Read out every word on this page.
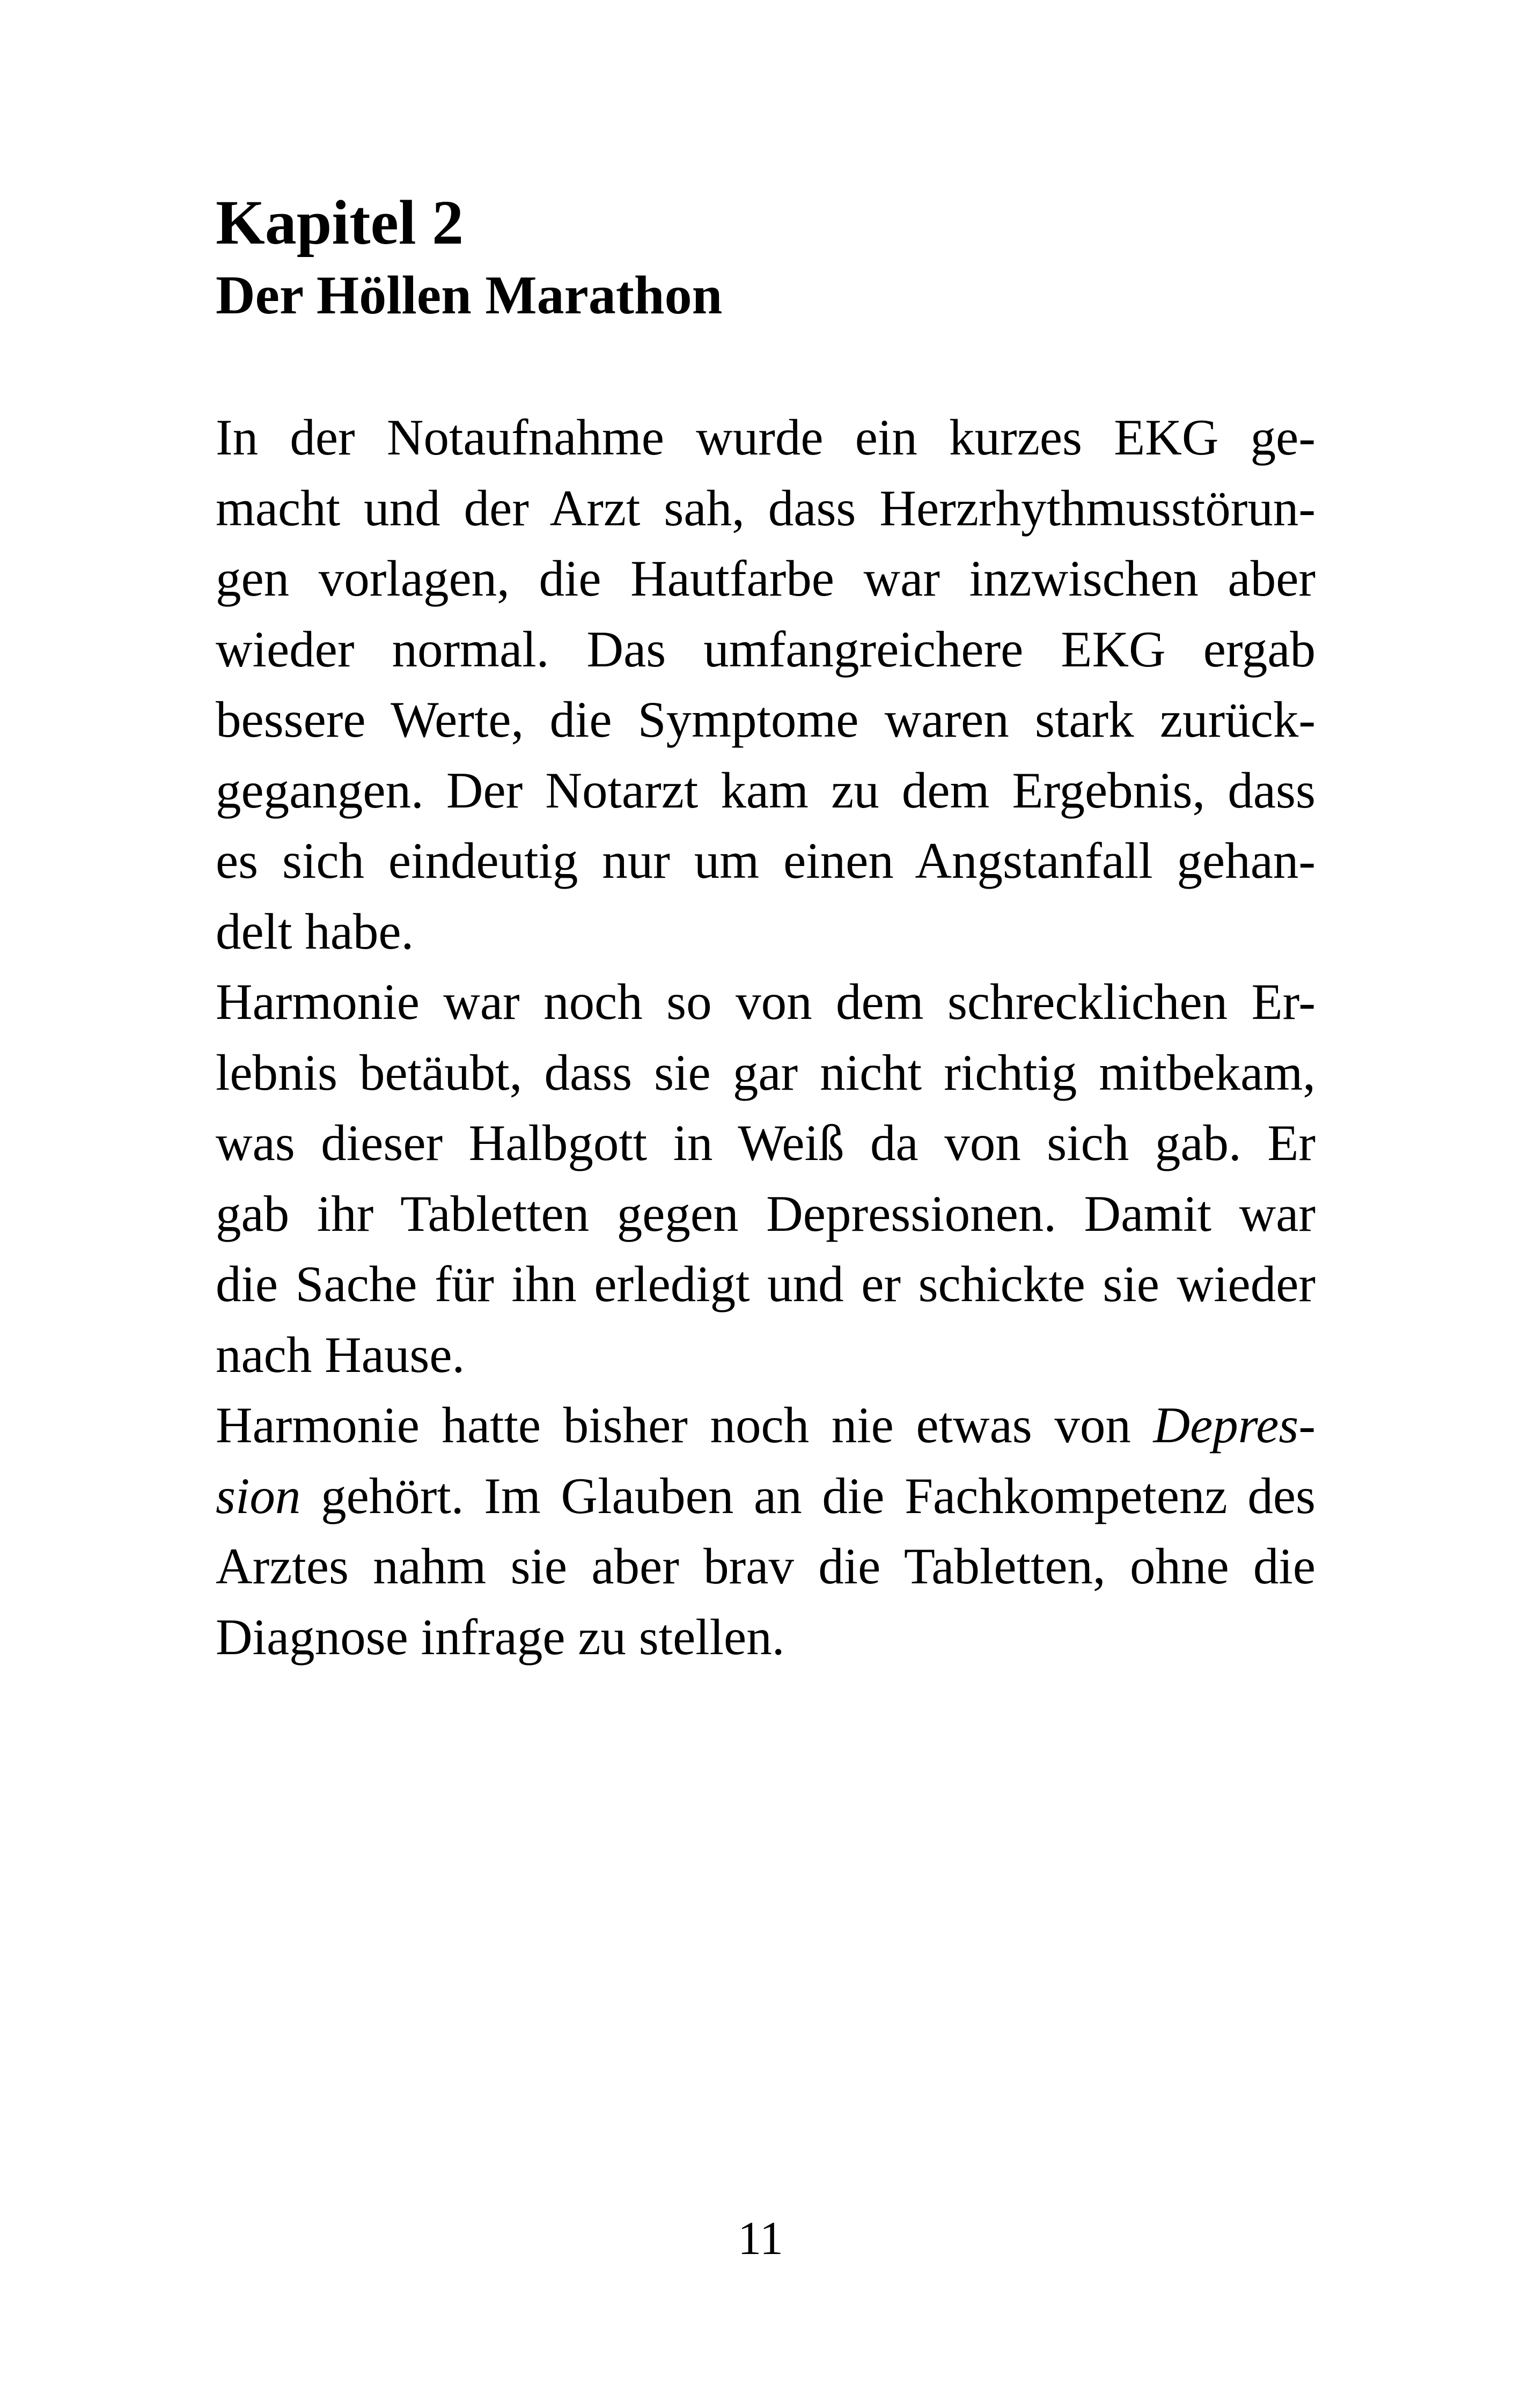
Kapitel 2
Der Höllen Marathon
In der Notaufnahme wurde ein kurzes EKG ge-
macht und der Arzt sah, dass Herzrhythmusstörun-
gen vorlagen, die Hautfarbe war inzwischen aber
wieder normal. Das umfangreichere EKG ergab
bessere Werte, die Symptome waren stark zurück-
gegangen. Der Notarzt kam zu dem Ergebnis, dass
es sich eindeutig nur um einen Angstanfall gehan-
delt habe.
Harmonie war noch so von dem schrecklichen Er-
lebnis betäubt, dass sie gar nicht richtig mitbekam,
was dieser Halbgott in Weiß da von sich gab. Er
gab ihr Tabletten gegen Depressionen. Damit war
die Sache für ihn erledigt und er schickte sie wieder
nach Hause.
Harmonie hatte bisher noch nie etwas von Depres-
sion gehört. Im Glauben an die Fachkompetenz des
Arztes nahm sie aber brav die Tabletten, ohne die
Diagnose infrage zu stellen.
11
